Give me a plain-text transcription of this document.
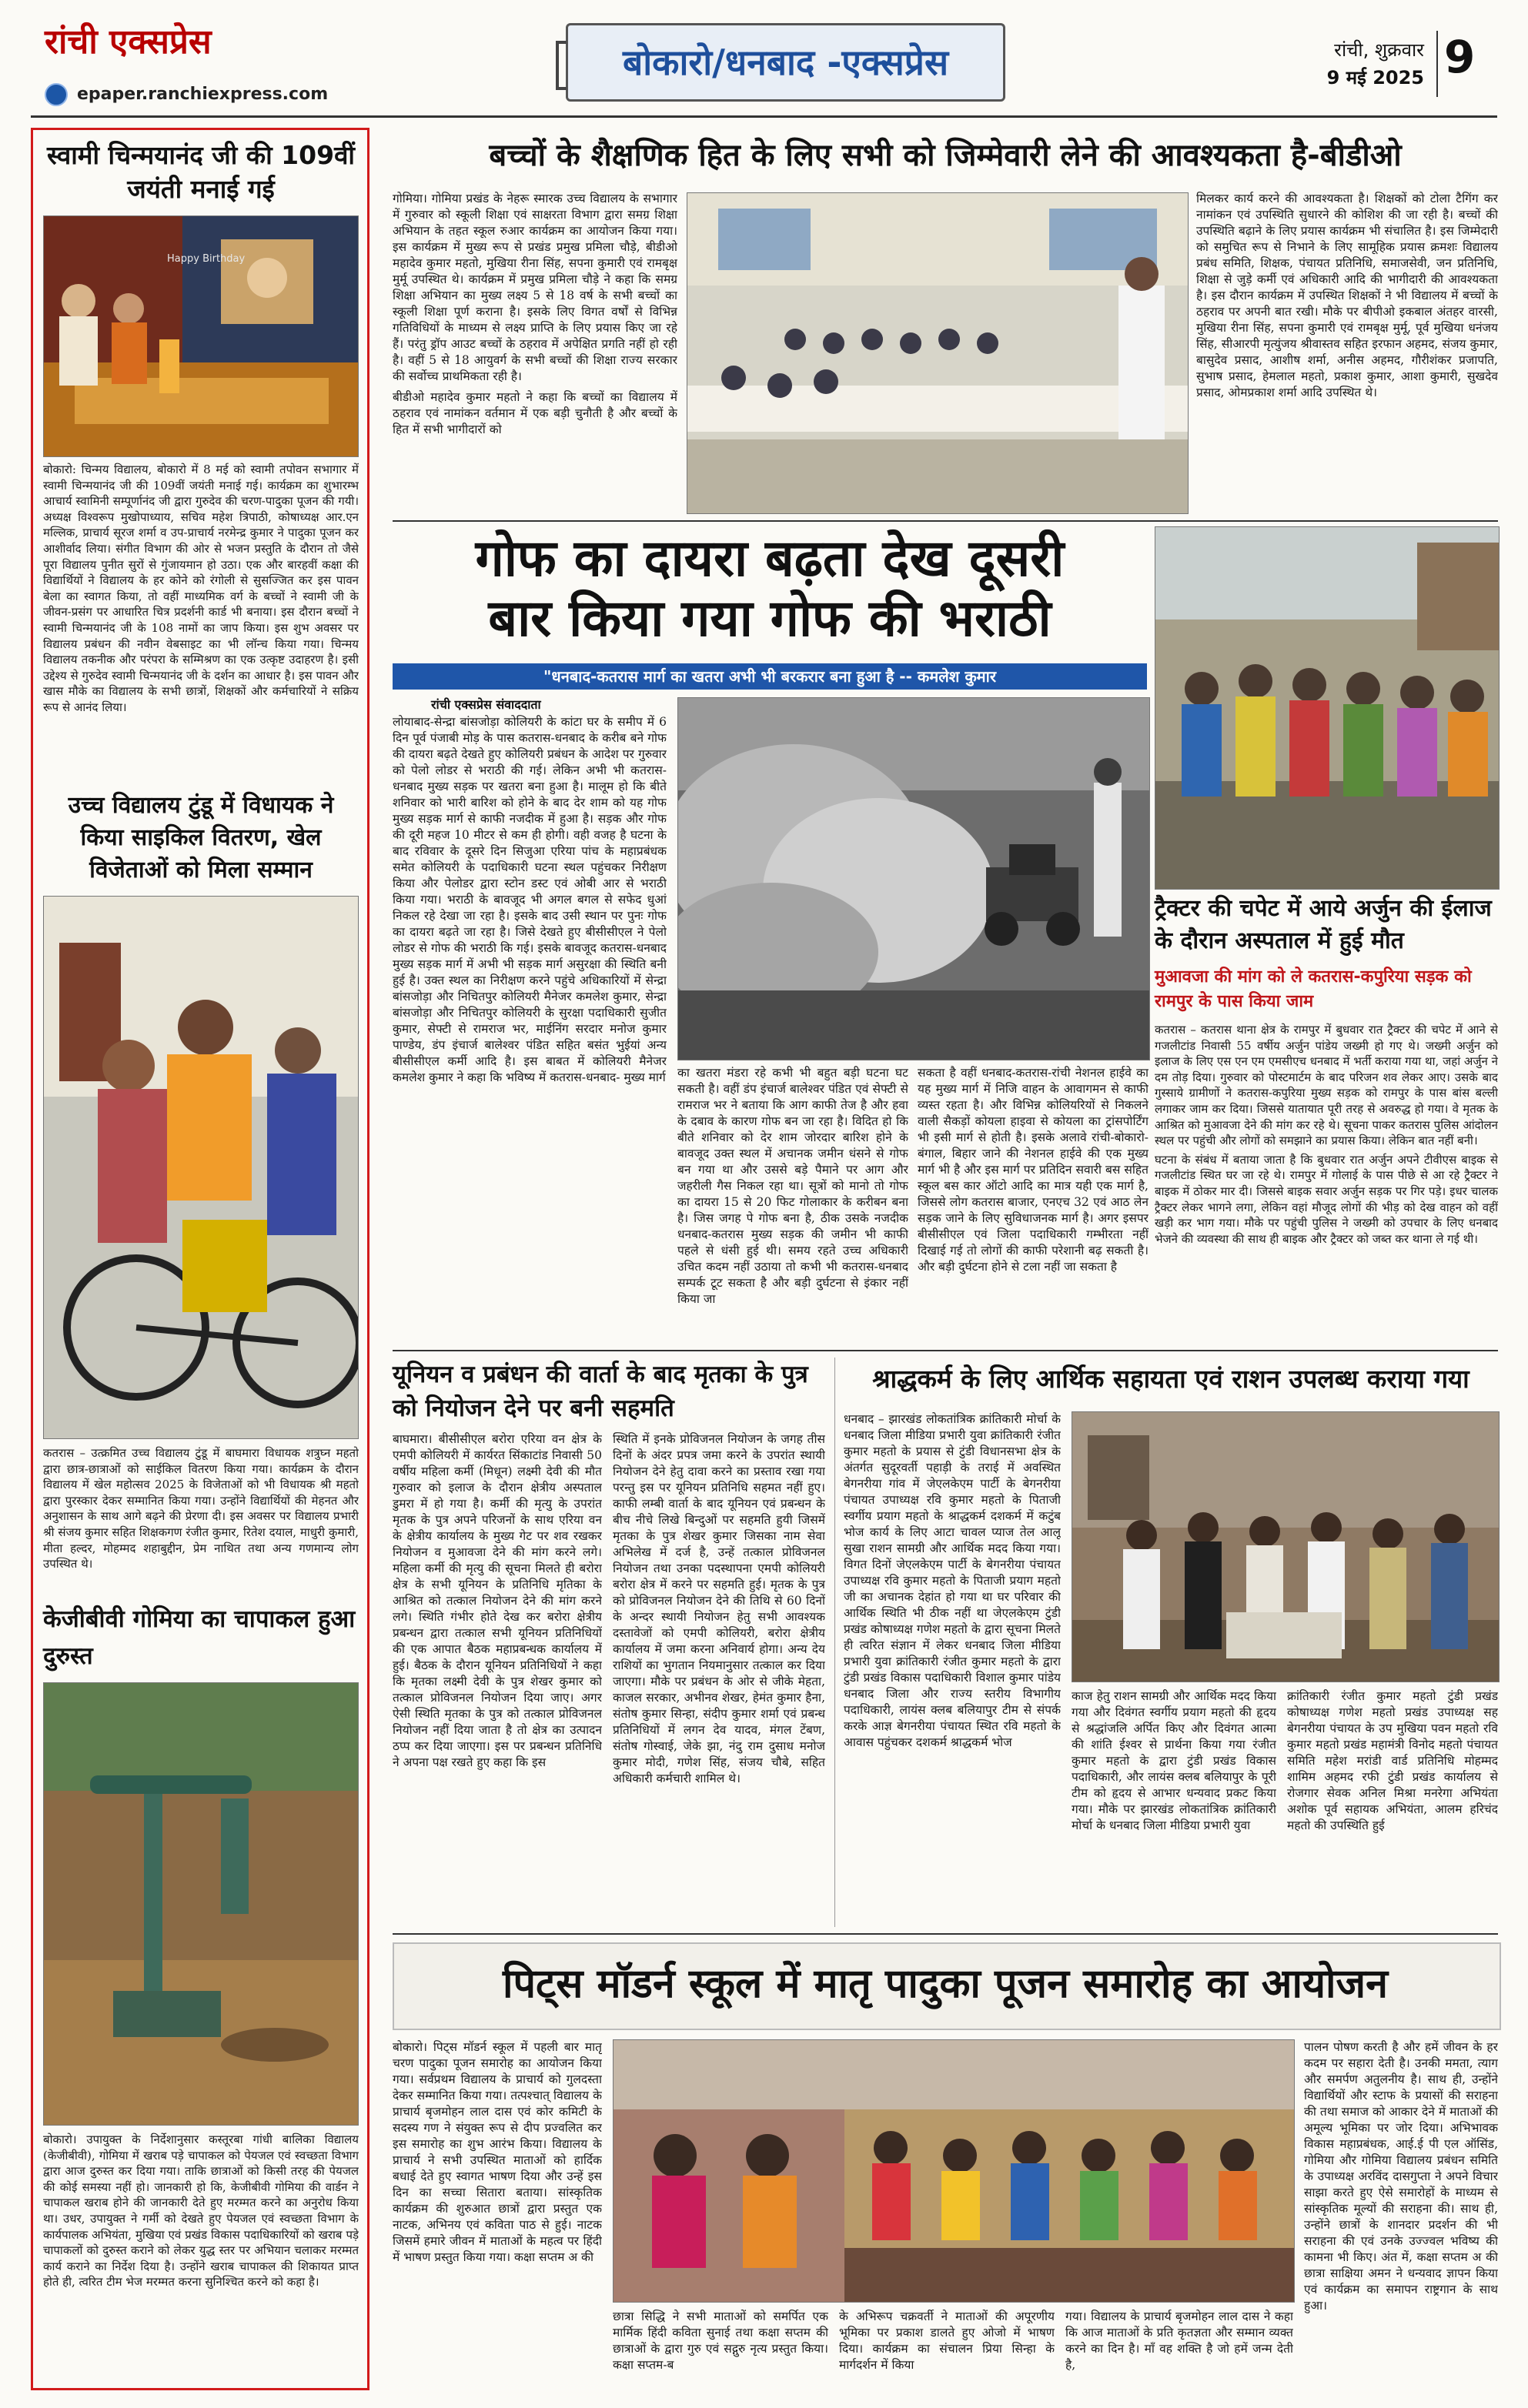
रांची एक्सप्रेस
epaper.ranchiexpress.com
बोकारो/धनबाद -एक्सप्रेस	रांची, शुक्रवार
9 मई 2025 9
स्वामी चिन्मयानंद जी की 109वीं जयंती मनाई गई
Happy Birthday
बोकारो: चिन्मय विद्यालय, बोकारो में 8 मई को स्वामी तपोवन सभागार में स्वामी चिन्मयानंद जी की 109वीं जयंती मनाई गई। कार्यक्रम का शुभारम्भ आचार्य स्वामिनी सम्पूर्णानंद जी द्वारा गुरुदेव की चरण-पादुका पूजन की गयी। अध्यक्ष विश्वरूप मुखोपाध्याय, सचिव महेश त्रिपाठी, कोषाध्यक्ष आर.एन मल्लिक, प्राचार्य सूरज शर्मा व उप-प्राचार्य नरमेन्द्र कुमार ने पादुका पूजन कर आशीर्वाद लिया। संगीत विभाग की ओर से भजन प्रस्तुति के दौरान तो जैसे पूरा विद्यालय पुनीत सुरों से गुंजायमान हो उठा। एक और बारहवीं कक्षा की विद्यार्थियों ने विद्यालय के हर कोने को रंगोली से सुसज्जित कर इस पावन बेला का स्वागत किया, तो वहीं माध्यमिक वर्ग के बच्चों ने स्वामी जी के जीवन-प्रसंग पर आधारित चित्र प्रदर्शनी कार्ड भी बनाया। इस दौरान बच्चों ने स्वामी चिन्मयानंद जी के 108 नामों का जाप किया। इस शुभ अवसर पर विद्यालय प्रबंधन की नवीन वेबसाइट का भी लॉन्च किया गया। चिन्मय विद्यालय तकनीक और परंपरा के सम्मिश्रण का एक उत्कृष्ट उदाहरण है। इसी उद्देश्य से गुरुदेव स्वामी चिन्मयानंद जी के दर्शन का आधार है। इस पावन और खास मौके का विद्यालय के सभी छात्रों, शिक्षकों और कर्मचारियों ने सक्रिय रूप से आनंद लिया।
उच्च विद्यालय टुंडू में विधायक ने किया साइकिल वितरण, खेल विजेताओं को मिला सम्मान
कतरास – उत्क्रमित उच्च विद्यालय टुंडू में बाघमारा विधायक शत्रुघ्न महतो द्वारा छात्र-छात्राओं को साईकिल वितरण किया गया। कार्यक्रम के दौरान विद्यालय में खेल महोत्सव 2025 के विजेताओं को भी विधायक श्री महतो द्वारा पुरस्कार देकर सम्मानित किया गया। उन्होंने विद्यार्थियों की मेहनत और अनुशासन के साथ आगे बढ़ने की प्रेरणा दी। इस अवसर पर विद्यालय प्रभारी श्री संजय कुमार सहित शिक्षकगण रंजीत कुमार, रितेश दयाल, माधुरी कुमारी, मीता हल्दर, मोहम्मद शहाबुद्दीन, प्रेम नाथित तथा अन्य गणमान्य लोग उपस्थित थे।
केजीबीवी गोमिया का चापाकल हुआ दुरुस्त
बोकारो। उपायुक्त के निर्देशानुसार कस्तूरबा गांधी बालिका विद्यालय (केजीबीवी), गोमिया में खराब पड़े चापाकल को पेयजल एवं स्वच्छता विभाग द्वारा आज दुरुस्त कर दिया गया। ताकि छात्राओं को किसी तरह की पेयजल की कोई समस्या नहीं हो। जानकारी हो कि, केजीबीवी गोमिया की वार्डन ने चापाकल खराब होने की जानकारी देते हुए मरम्मत करने का अनुरोध किया था। उधर, उपायुक्त ने गर्मी को देखते हुए पेयजल एवं स्वच्छता विभाग के कार्यपालक अभियंता, मुखिया एवं प्रखंड विकास पदाधिकारियों को खराब पड़े चापाकलों को दुरुस्त कराने को लेकर युद्ध स्तर पर अभियान चलाकर मरम्मत कार्य कराने का निर्देश दिया है। उन्होंने खराब चापाकल की शिकायत प्राप्त होते ही, त्वरित टीम भेज मरम्मत करना सुनिश्चित करने को कहा है।
बच्चों के शैक्षणिक हित के लिए सभी को जिम्मेवारी लेने की आवश्यकता है-बीडीओ
गोमिया। गोमिया प्रखंड के नेहरू स्मारक उच्च विद्यालय के सभागार में गुरुवार को स्कूली शिक्षा एवं साक्षरता विभाग द्वारा समग्र शिक्षा अभियान के तहत स्कूल रुआर कार्यक्रम का आयोजन किया गया। इस कार्यक्रम में मुख्य रूप से प्रखंड प्रमुख प्रमिला चौड़े, बीडीओ महादेव कुमार महतो, मुखिया रीना सिंह, सपना कुमारी एवं रामबृक्ष मुर्मू उपस्थित थे। कार्यक्रम में प्रमुख प्रमिला चौड़े ने कहा कि समग्र शिक्षा अभियान का मुख्य लक्ष्य 5 से 18 वर्ष के सभी बच्चों का स्कूली शिक्षा पूर्ण कराना है। इसके लिए विगत वर्षों से विभिन्न गतिविधियों के माध्यम से लक्ष्य प्राप्ति के लिए प्रयास किए जा रहे हैं। परंतु ड्रॉप आउट बच्चों के ठहराव में अपेक्षित प्रगति नहीं हो रही है। वहीं 5 से 18 आयुवर्ग के सभी बच्चों की शिक्षा राज्य सरकार की सर्वोच्च प्राथमिकता रही है।
बीडीओ महादेव कुमार महतो ने कहा कि बच्चों का विद्यालय में ठहराव एवं नामांकन वर्तमान में एक बड़ी चुनौती है और बच्चों के हित में सभी भागीदारों को
मिलकर कार्य करने की आवश्यकता है। शिक्षकों को टोला टैगिंग कर नामांकन एवं उपस्थिति सुधारने की कोशिश की जा रही है। बच्चों की उपस्थिति बढ़ाने के लिए प्रयास कार्यक्रम भी संचालित है। इस जिम्मेदारी को समुचित रूप से निभाने के लिए सामूहिक प्रयास क्रमशः विद्यालय प्रबंध समिति, शिक्षक, पंचायत प्रतिनिधि, समाजसेवी, जन प्रतिनिधि, शिक्षा से जुड़े कर्मी एवं अधिकारी आदि की भागीदारी की आवश्यकता है। इस दौरान कार्यक्रम में उपस्थित शिक्षकों ने भी विद्यालय में बच्चों के ठहराव पर अपनी बात रखी। मौके पर बीपीओ इकबाल अंतहर वारसी, मुखिया रीना सिंह, सपना कुमारी एवं रामबृक्ष मुर्मू, पूर्व मुखिया धनंजय सिंह, सीआरपी मृत्युंजय श्रीवास्तव सहित इरफान अहमद, संजय कुमार, बासुदेव प्रसाद, आशीष शर्मा, अनीस अहमद, गौरीशंकर प्रजापति, सुभाष प्रसाद, हेमलाल महतो, प्रकाश कुमार, आशा कुमारी, सुखदेव प्रसाद, ओमप्रकाश शर्मा आदि उपस्थित थे।
गोफ का दायरा बढ़ता देख दूसरी
बार किया गया गोफ की भराठी
"धनबाद-कतरास मार्ग का खतरा अभी भी बरकरार बना हुआ है -- कमलेश कुमार
रांची एक्सप्रेस संवाददाता
लोयाबाद-सेन्द्रा बांसजोड़ा कोलियरी के कांटा घर के समीप में 6 दिन पूर्व पंजाबी मोड़ के पास कतरास-धनबाद के करीब बने गोफ की दायरा बढ़ते देखते हुए कोलियरी प्रबंधन के आदेश पर गुरुवार को पेलो लोडर से भराठी की गई। लेकिन अभी भी कतरास-धनबाद मुख्य सड़क पर खतरा बना हुआ है। मालूम हो कि बीते शनिवार को भारी बारिश को होने के बाद देर शाम को यह गोफ मुख्य सड़क मार्ग से काफी नजदीक में हुआ है। सड़क और गोफ की दूरी महज 10 मीटर से कम ही होगी। वही वजह है घटना के बाद रविवार के दूसरे दिन सिजुआ एरिया पांच के महाप्रबंधक समेत कोलियरी के पदाधिकारी घटना स्थल पहुंचकर निरीक्षण किया और पेलोडर द्वारा स्टोन डस्ट एवं ओबी आर से भराठी किया गया। भराठी के बावजूद भी अगल बगल से सफेद धुआं निकल रहे देखा जा रहा है। इसके बाद उसी स्थान पर पुनः गोफ का दायरा बढ़ते जा रहा है। जिसे देखते हुए बीसीसीएल ने पेलो लोडर से गोफ की भराठी कि गई। इसके बावजूद कतरास-धनबाद मुख्य सड़क मार्ग में अभी भी सड़क मार्ग असुरक्षा की स्थिति बनी हुई है। उक्त स्थल का निरीक्षण करने पहुंचे अधिकारियों में सेन्द्रा बांसजोड़ा और निचितपुर कोलियरी मैनेजर कमलेश कुमार, सेन्द्रा बांसजोड़ा और निचितपुर कोलियरी के सुरक्षा पदाधिकारी सुजीत कुमार, सेफ्टी से रामराज भर, माईनिंग सरदार मनोज कुमार पाण्डेय, डंप इंचार्ज बालेश्वर पंडित सहित बसंत भुईयां अन्य बीसीसीएल कर्मी आदि है। इस बाबत में कोलियरी मैनेजर कमलेश कुमार ने कहा कि भविष्य में कतरास-धनबाद- मुख्य मार्ग का खतरा मंडरा रहे कभी भी बहुत बड़ी घटना घट सकती है। वहीं डंप इंचार्ज बालेश्वर पंडित एवं सेफ्टी से रामराज भर ने बताया कि आग काफी तेज है और हवा के दबाव के कारण गोफ बन जा रहा है। विदित हो कि बीते शनिवार को देर शाम जोरदार बारिश होने के बावजूद उक्त स्थल में अचानक जमीन धंसने से गोफ बन गया था और उससे बड़े पैमाने पर आग और जहरीली गैस निकल रहा था। सूत्रों को मानो तो गोफ का दायरा 15 से 20 फिट गोलाकार के करीबन बना है। जिस जगह पे गोफ बना है, ठीक उसके नजदीक धनबाद-कतरास मुख्य सड़क की जमीन भी काफी पहले से धंसी हुई थी। समय रहते उच्च अधिकारी उचित कदम नहीं उठाया तो कभी भी कतरास-धनबाद सम्पर्क टूट सकता है और बड़ी दुर्घटना से इंकार नहीं किया जा
सकता है वहीं धनबाद-कतरास-रांची नेशनल हाईवे का यह मुख्य मार्ग में निजि वाहन के आवागमन से काफी व्यस्त रहता है। और विभिन्न कोलियरियों से निकलने वाली सैकड़ों कोयला हाइवा से कोयला का ट्रांसपोर्टिंग भी इसी मार्ग से होती है। इसके अलावे रांची-बोकारो-बंगाल, बिहार जाने की नेशनल हाईवे की एक मुख्य मार्ग भी है और इस मार्ग पर प्रतिदिन सवारी बस सहित स्कूल बस कार ऑटो आदि का मात्र यही एक मार्ग है, जिससे लोग कतरास बाजार, एनएच 32 एवं आठ लेन सड़क जाने के लिए सुविधाजनक मार्ग है। अगर इसपर बीसीसीएल एवं जिला पदाधिकारी गम्भीरता नहीं दिखाई गई तो लोगों की काफी परेशानी बढ़ सकती है। और बड़ी दुर्घटना होने से टला नहीं जा सकता है
ट्रैक्टर की चपेट में आये अर्जुन की ईलाज के दौरान अस्पताल में हुई मौत
मुआवजा की मांग को ले कतरास-कपुरिया सड़क को रामपुर के पास किया जाम
कतरास – कतरास थाना क्षेत्र के रामपुर में बुधवार रात ट्रैक्टर की चपेट में आने से गजलीटांड निवासी 55 वर्षीय अर्जुन पांडेय जख्मी हो गए थे। जख्मी अर्जुन को इलाज के लिए एस एन एम एमसीएच धनबाद में भर्ती कराया गया था, जहां अर्जुन ने दम तोड़ दिया। गुरुवार को पोस्टमार्टम के बाद परिजन शव लेकर आए। उसके बाद गुस्साये ग्रामीणों ने कतरास-कपुरिया मुख्य सड़क को रामपुर के पास बांस बल्ली लगाकर जाम कर दिया। जिससे यातायात पूरी तरह से अवरुद्ध हो गया। वे मृतक के आश्रित को मुआवजा देने की मांग कर रहे थे। सूचना पाकर कतरास पुलिस आंदोलन स्थल पर पहुंची और लोगों को समझाने का प्रयास किया। लेकिन बात नहीं बनी।
घटना के संबंध में बताया जाता है कि बुधवार रात अर्जुन अपने टीवीएस बाइक से गजलीटांड स्थित घर जा रहे थे। रामपुर में गोलाई के पास पीछे से आ रहे ट्रैक्टर ने बाइक में ठोकर मार दी। जिससे बाइक सवार अर्जुन सड़क पर गिर पड़े। इधर चालक ट्रैक्टर लेकर भागने लगा, लेकिन वहां मौजूद लोगों की भीड़ को देख वाहन को वहीं खड़ी कर भाग गया। मौके पर पहुंची पुलिस ने जख्मी को उपचार के लिए धनबाद भेजने की व्यवस्था की साथ ही बाइक और ट्रैक्टर को जब्त कर थाना ले गई थी।
यूनियन व प्रबंधन की वार्ता के बाद मृतका के पुत्र को नियोजन देने पर बनी सहमति
बाघमारा। बीसीसीएल बरोरा एरिया वन क्षेत्र के एमपी कोलियरी में कार्यरत सिंकाटांड निवासी 50 वर्षीय महिला कर्मी (मिधून) लक्ष्मी देवी की मौत गुरुवार को इलाज के दौरान क्षेत्रीय अस्पताल डुमरा में हो गया है। कर्मी की मृत्यु के उपरांत मृतक के पुत्र अपने परिजनों के साथ एरिया वन के क्षेत्रीय कार्यालय के मुख्य गेट पर शव रखकर नियोजन व मुआवजा देने की मांग करने लगे। महिला कर्मी की मृत्यु की सूचना मिलते ही बरोरा क्षेत्र के सभी यूनियन के प्रतिनिधि मृतिका के आश्रित को तत्काल नियोजन देने की मांग करने लगे। स्थिति गंभीर होते देख कर बरोरा क्षेत्रीय प्रबन्धन द्वारा तत्काल सभी यूनियन प्रतिनिधियों की एक आपात बैठक महाप्रबन्धक कार्यालय में हुई। बैठक के दौरान यूनियन प्रतिनिधियों ने कहा कि मृतका लक्ष्मी देवी के पुत्र शेखर कुमार को तत्काल प्रोविजनल नियोजन दिया जाए। अगर ऐसी स्थिति मृतका के पुत्र को तत्काल प्रोविजनल नियोजन नहीं दिया जाता है तो क्षेत्र का उत्पादन ठप्प कर दिया जाएगा। इस पर प्रबन्धन प्रतिनिधि ने अपना पक्ष रखते हुए कहा कि इस
स्थिति में इनके प्रोविजनल नियोजन के जगह तीस दिनों के अंदर प्रपत्र जमा करने के उपरांत स्थायी नियोजन देने हेतु दावा करने का प्रस्ताव रखा गया परन्तु इस पर यूनियन प्रतिनिधि सहमत नहीं हुए। काफी लम्बी वार्ता के बाद यूनियन एवं प्रबन्धन के बीच नीचे लिखे बिन्दुओं पर सहमति हुयी जिसमें मृतका के पुत्र शेखर कुमार जिसका नाम सेवा अभिलेख में दर्ज है, उन्हें तत्काल प्रोविजनल नियोजन तथा उनका पदस्थापना एमपी कोलियरी बरोरा क्षेत्र में करने पर सहमति हुई। मृतक के पुत्र को प्रोविजनल नियोजन देने की तिथि से 60 दिनों के अन्दर स्थायी नियोजन हेतु सभी आवश्यक दस्तावेजों को एमपी कोलियरी, बरोरा क्षेत्रीय कार्यालय में जमा करना अनिवार्य होगा। अन्य देय राशियों का भुगतान नियमानुसार तत्काल कर दिया जाएगा। मौके पर प्रबंधन के ओर से जीके मेहता, काजल सरकार, अभीनव शेखर, हेमंत कुमार हैना, संतोष कुमार सिन्हा, संदीप कुमार शर्मा एवं प्रबन्ध प्रतिनिधियों में लगन देव यादव, मंगल टेंबण, संतोष गोस्वाई, जेके झा, नंदु राम दुसाध मनोज कुमार मोदी, गणेश सिंह, संजय चौबे, सहित अधिकारी कर्मचारी शामिल थे।
श्राद्धकर्म के लिए आर्थिक सहायता एवं राशन उपलब्ध कराया गया
धनबाद – झारखंड लोकतांत्रिक क्रांतिकारी मोर्चा के धनबाद जिला मीडिया प्रभारी युवा क्रांतिकारी रंजीत कुमार महतो के प्रयास से टुंडी विधानसभा क्षेत्र के अंतर्गत सुदूरवर्ती पहाड़ी के तराई में अवस्थित बेगनरीया गांव में जेएलकेएम पार्टी के बेगनरीया पंचायत उपाध्यक्ष रवि कुमार महतो के पिताजी स्वर्गीय प्रयाग महतो के श्राद्धकर्म दशकर्म में कटुंब भोज कार्य के लिए आटा चावल प्याज तेल आलू सुखा राशन सामग्री और आर्थिक मदद किया गया। विगत दिनों जेएलकेएम पार्टी के बेगनरीया पंचायत उपाध्यक्ष रवि कुमार महतो के पिताजी प्रयाग महतो जी का अचानक देहांत हो गया था घर परिवार की आर्थिक स्थिति भी ठीक नहीं था जेएलकेएम टुंडी प्रखंड कोषाध्यक्ष गणेश महतो के द्वारा सूचना मिलते ही त्वरित संज्ञान में लेकर धनबाद जिला मीडिया प्रभारी युवा क्रांतिकारी रंजीत कुमार महतो के द्वारा टुंडी प्रखंड विकास पदाधिकारी विशाल कुमार पांडेय धनबाद जिला और राज्य स्तरीय विभागीय पदाधिकारी, लायंस क्लब बलियापुर टीम से संपर्क करके आज्ञ बेगनरीया पंचायत स्थित रवि महतो के आवास पहुंचकर दशकर्म श्राद्धकर्म भोज
काज हेतु राशन सामग्री और आर्थिक मदद किया गया और दिवंगत स्वर्गीय प्रयाग महतो की हृदय से श्रद्धांजलि अर्पित किए और दिवंगत आत्मा की शांति ईश्वर से प्रार्थना किया गया रंजीत कुमार महतो के द्वारा टुंडी प्रखंड विकास पदाधिकारी, और लायंस क्लब बलियापुर के पूरी टीम को हृदय से आभार धन्यवाद प्रकट किया गया। मौके पर झारखंड लोकतांत्रिक क्रांतिकारी मोर्चा के धनबाद जिला मीडिया प्रभारी युवा
क्रांतिकारी रंजीत कुमार महतो टुंडी प्रखंड कोषाध्यक्ष गणेश महतो प्रखंड उपाध्यक्ष सह बेगनरीया पंचायत के उप मुखिया पवन महतो रवि कुमार महतो प्रखंड महामंत्री विनोद महतो पंचायत समिति महेश मरांडी वार्ड प्रतिनिधि मोहम्मद शामिम अहमद रफी टुंडी प्रखंड कार्यालय से रोजगार सेवक अनिल मिश्रा मनरेगा अभियंता अशोक पूर्व सहायक अभियंता, आलम हरिचंद महतो की उपस्थिति हुई
पिट्स मॉडर्न स्कूल में मातृ पादुका पूजन समारोह का आयोजन
बोकारो। पिट्स मॉडर्न स्कूल में पहली बार मातृ चरण पादुका पूजन समारोह का आयोजन किया गया। सर्वप्रथम विद्यालय के प्राचार्य को गुलदस्ता देकर सम्मानित किया गया। तत्पश्चात् विद्यालय के प्राचार्य बृजमोहन लाल दास एवं कोर कमिटी के सदस्य गण ने संयुक्त रूप से दीप प्रज्वलित कर इस समारोह का शुभ आरंभ किया। विद्यालय के प्राचार्य ने सभी उपस्थित माताओं को हार्दिक बधाई देते हुए स्वागत भाषण दिया और उन्हें इस दिन का सच्चा सितारा बताया। सांस्कृतिक कार्यक्रम की शुरुआत छात्रों द्वारा प्रस्तुत एक नाटक, अभिनय एवं कविता पाठ से हुई। नाटक जिसमें हमारे जीवन में माताओं के महत्व पर हिंदी में भाषण प्रस्तुत किया गया। कक्षा सप्तम अ की
छात्रा सिद्धि ने सभी माताओं को समर्पित एक मार्मिक हिंदी कविता सुनाई तथा कक्षा सप्तम की छात्राओं के द्वारा गुरु एवं सद्गुरु नृत्य प्रस्तुत किया। कक्षा सप्तम-ब
के अभिरूप चक्रवर्ती ने माताओं की अपूरणीय भूमिका पर प्रकाश डालते हुए ओजो में भाषण दिया। कार्यक्रम का संचालन प्रिया सिन्हा के मार्गदर्शन में किया
गया। विद्यालय के प्राचार्य बृजमोहन लाल दास ने कहा कि आज माताओं के प्रति कृतज्ञता और सम्मान व्यक्त करने का दिन है। माँ वह शक्ति है जो हमें जन्म देती है,
पालन पोषण करती है और हमें जीवन के हर कदम पर सहारा देती है। उनकी ममता, त्याग और समर्पण अतुलनीय है। साथ ही, उन्होंने विद्यार्थियों और स्टाफ के प्रयासों की सराहना की तथा समाज को आकार देने में माताओं की अमूल्य भूमिका पर जोर दिया। अभिभावक विकास महाप्रबंधक, आई.ई पी एल ऑसिंड, गोमिया और गोमिया विद्यालय प्रबंधन समिति के उपाध्यक्ष अरविंद दासगुप्ता ने अपने विचार साझा करते हुए ऐसे समारोहों के माध्यम से सांस्कृतिक मूल्यों की सराहना की। साथ ही, उन्होंने छात्रों के शानदार प्रदर्शन की भी सराहना की एवं उनके उज्ज्वल भविष्य की कामना भी किए। अंत में, कक्षा सप्तम अ की छात्रा साक्षिया अमन ने धन्यवाद ज्ञापन किया एवं कार्यक्रम का समापन राष्ट्रगान के साथ हुआ।
